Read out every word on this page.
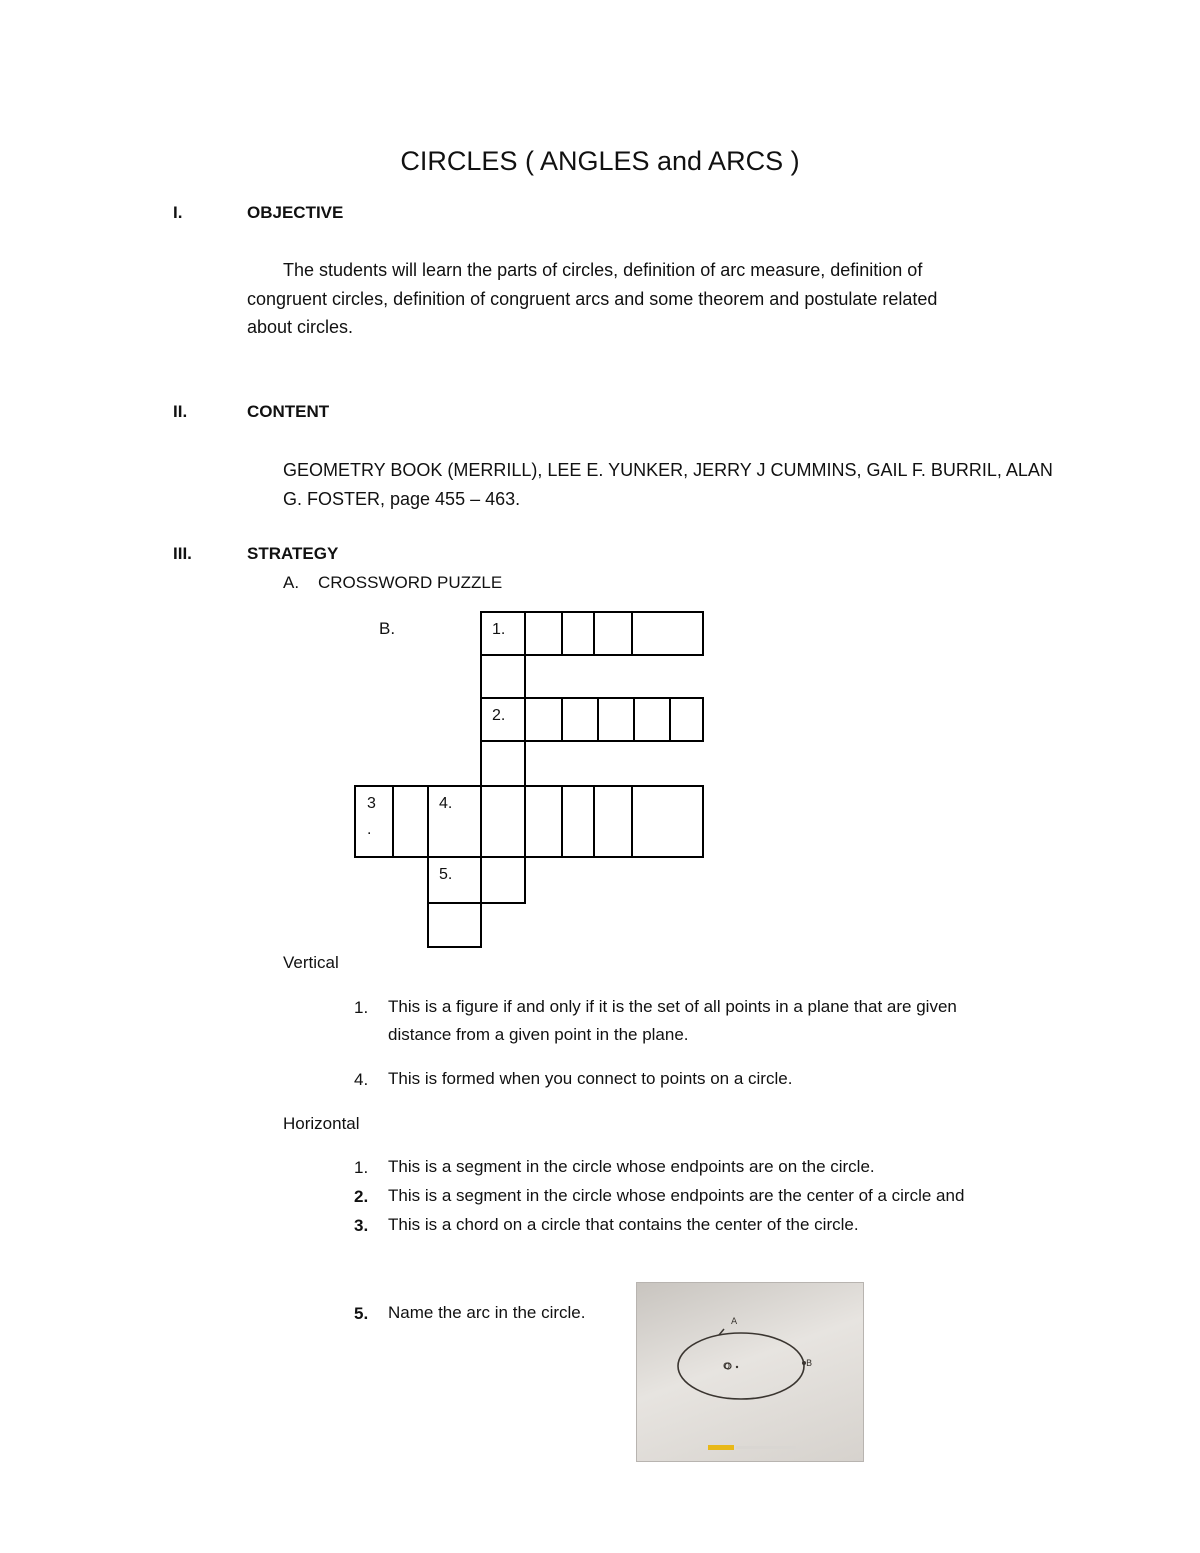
CIRCLES ( ANGLES and ARCS )
I.	OBJECTIVE
The students will learn the parts of circles, definition of arc measure, definition of
congruent circles, definition of congruent arcs and some theorem and postulate related
about circles.
II.	CONTENT
GEOMETRY BOOK (MERRILL), LEE E. YUNKER, JERRY J CUMMINS, GAIL F. BURRIL, ALAN
G. FOSTER, page 455 – 463.
III.	STRATEGY
A. CROSSWORD PUZZLE
B.	1.
2.
3
.
4.
5.
Vertical
1. This is a figure if and only if it is the set of all points in a plane that are given
distance from a given point in the plane.
4. This is formed when you connect to points on a circle.
Horizontal
1. This is a segment in the circle whose endpoints are on the circle.
2. This is a segment in the circle whose endpoints are the center of a circle and
3. This is a chord on a circle that contains the center of the circle.
5. Name the arc in the circle.	A
B
O
